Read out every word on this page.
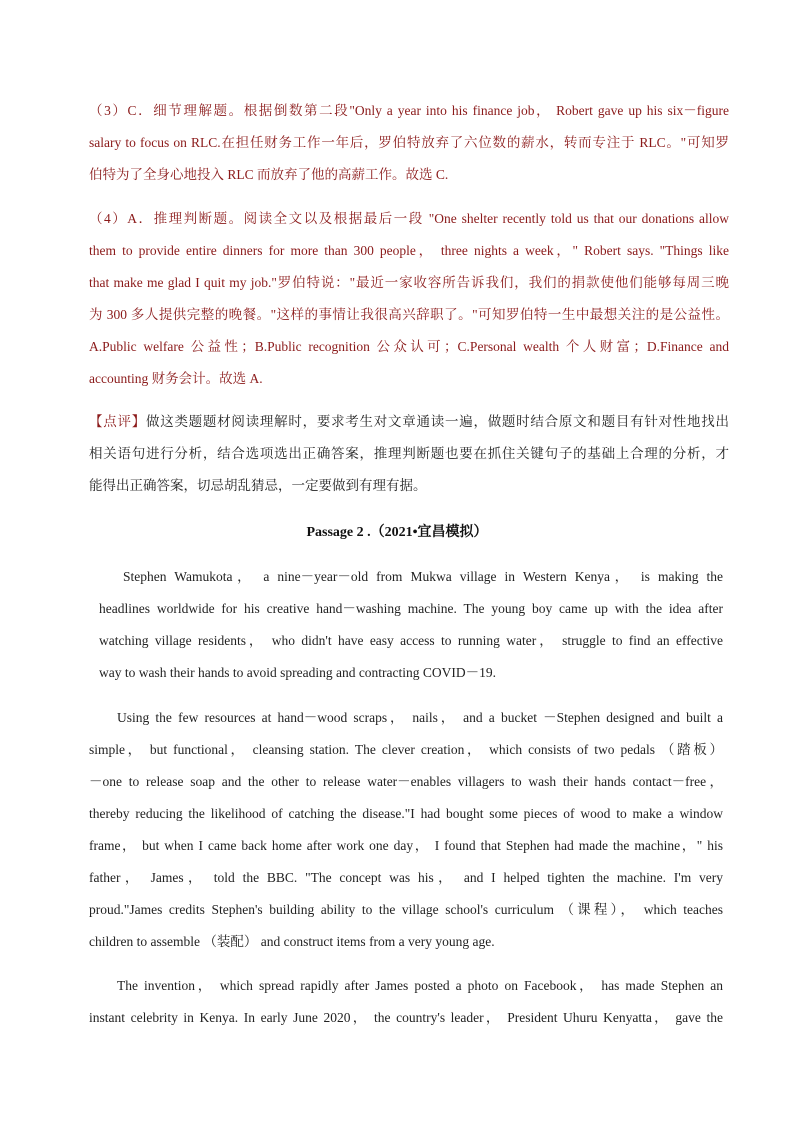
（3）C．细节理解题。根据倒数第二段"Only a year into his finance job， Robert gave up his six－figure
salary to focus on RLC.在担任财务工作一年后，罗伯特放弃了六位数的薪水，转而专注于 RLC。"可知罗
伯特为了全身心地投入 RLC 而放弃了他的高薪工作。故选 C.
（4）A．推理判断题。阅读全文以及根据最后一段 "One shelter recently told us that our donations allow
them to provide entire dinners for more than 300 people， three nights a week，" Robert says. "Things like
that make me glad I quit my job."罗伯特说："最近一家收容所告诉我们，我们的捐款使他们能够每周三晚
为 300 多人提供完整的晚餐。"这样的事情让我很高兴辞职了。"可知罗伯特一生中最想关注的是公益性。
A.Public welfare 公益性；B.Public recognition 公众认可；C.Personal wealth 个人财富；D.Finance and
accounting 财务会计。故选 A.
【点评】做这类题题材阅读理解时，要求考生对文章通读一遍，做题时结合原文和题目有针对性地找出
相关语句进行分析，结合选项选出正确答案，推理判断题也要在抓住关键句子的基础上合理的分析，才
能得出正确答案，切忌胡乱猜忌，一定要做到有理有据。
Passage 2 .（2021•宜昌模拟）
Stephen Wamukota， a nine－year－old from Mukwa village in Western Kenya， is making the
headlines worldwide for his creative hand－washing machine. The young boy came up with the idea after
watching village residents， who didn't have easy access to running water， struggle to find an effective
way to wash their hands to avoid spreading and contracting COVID－19.
Using the few resources at hand－wood scraps， nails， and a bucket －Stephen designed and built a
simple， but functional， cleansing station. The clever creation， which consists of two pedals （踏板）
－one to release soap and the other to release water－enables villagers to wash their hands contact－free，
thereby reducing the likelihood of catching the disease."I had bought some pieces of wood to make a window
frame， but when I came back home after work one day， I found that Stephen had made the machine，" his
father， James， told the BBC. "The concept was his， and I helped tighten the machine. I'm very
proud."James credits Stephen's building ability to the village school's curriculum （课程）， which teaches
children to assemble （装配） and construct items from a very young age.
The invention， which spread rapidly after James posted a photo on Facebook， has made Stephen an
instant celebrity in Kenya. In early June 2020， the country's leader， President Uhuru Kenyatta， gave the
